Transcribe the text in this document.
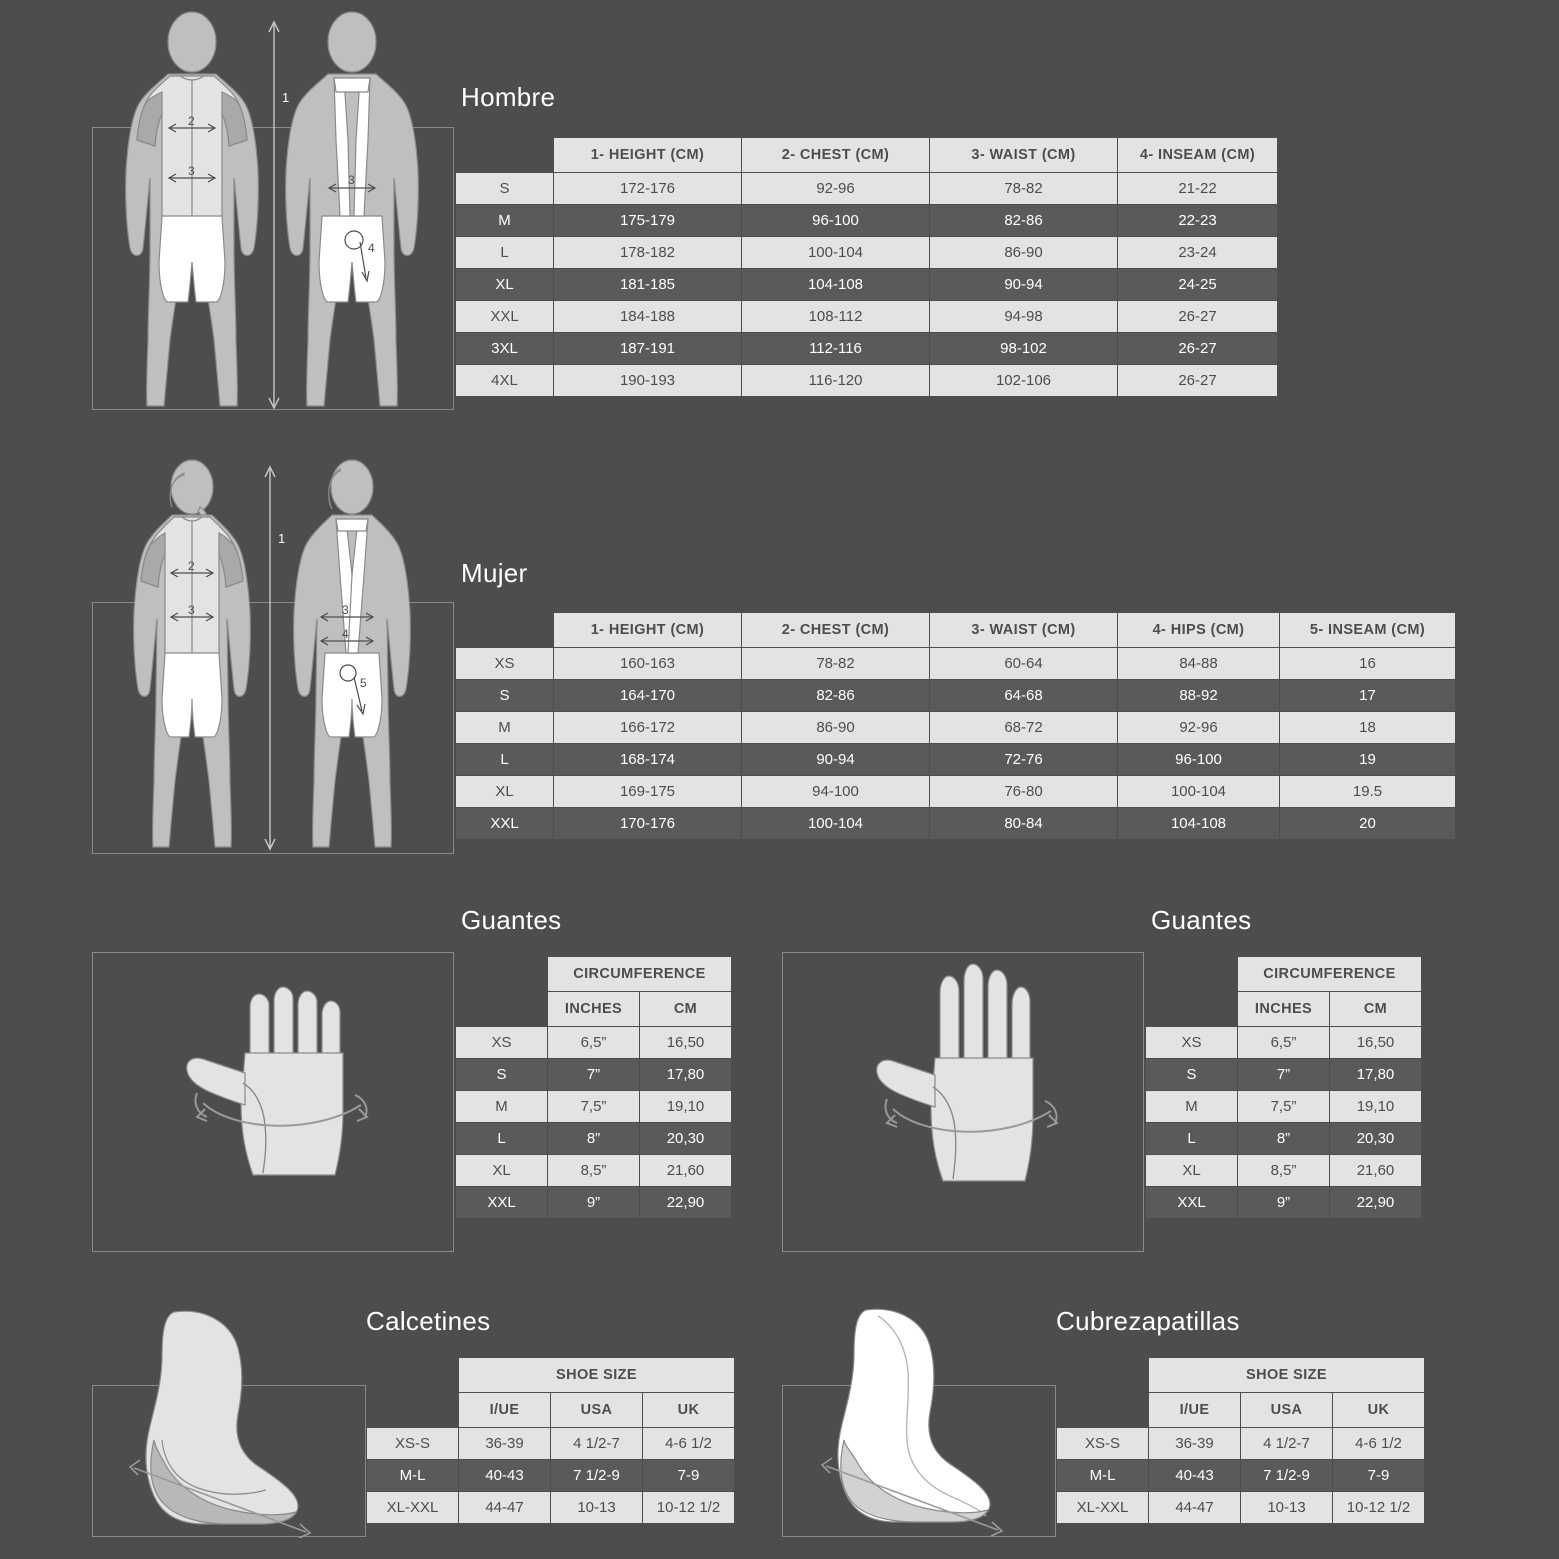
1
2
3
3
4
Hombre
	1- HEIGHT (CM)	2- CHEST (CM)	3- WAIST (CM)	4- INSEAM (CM)
S	172-176	92-96	78-82	21-22
M	175-179	96-100	82-86	22-23
L	178-182	100-104	86-90	23-24
XL	181-185	104-108	90-94	24-25
XXL	184-188	108-112	94-98	26-27
3XL	187-191	112-116	98-102	26-27
4XL	190-193	116-120	102-106	26-27
1
2
3	3
4
5
Mujer
	1- HEIGHT (CM)	2- CHEST (CM)	3- WAIST (CM)	4- HIPS (CM)	5- INSEAM (CM)
XS	160-163	78-82	60-64	84-88	16
S	164-170	82-86	64-68	88-92	17
M	166-172	86-90	68-72	92-96	18
L	168-174	90-94	72-76	96-100	19
XL	169-175	94-100	76-80	100-104	19.5
XXL	170-176	100-104	80-84	104-108	20
Guantes
	CIRCUMFERENCE	
	INCHES	CM
XS	6,5”	16,50
S	7”	17,80
M	7,5”	19,10
L	8”	20,30
XL	8,5”	21,60
XXL	9”	22,90
Guantes
	CIRCUMFERENCE	
	INCHES	CM
XS	6,5”	16,50
S	7”	17,80
M	7,5”	19,10
L	8”	20,30
XL	8,5”	21,60
XXL	9”	22,90
Calcetines
	SHOE SIZE		
	I/UE	USA	UK
XS-S	36-39	4 1/2-7	4-6 1/2
M-L	40-43	7 1/2-9	7-9
XL-XXL	44-47	10-13	10-12 1/2
Cubrezapatillas
	SHOE SIZE		
	I/UE	USA	UK
XS-S	36-39	4 1/2-7	4-6 1/2
M-L	40-43	7 1/2-9	7-9
XL-XXL	44-47	10-13	10-12 1/2
